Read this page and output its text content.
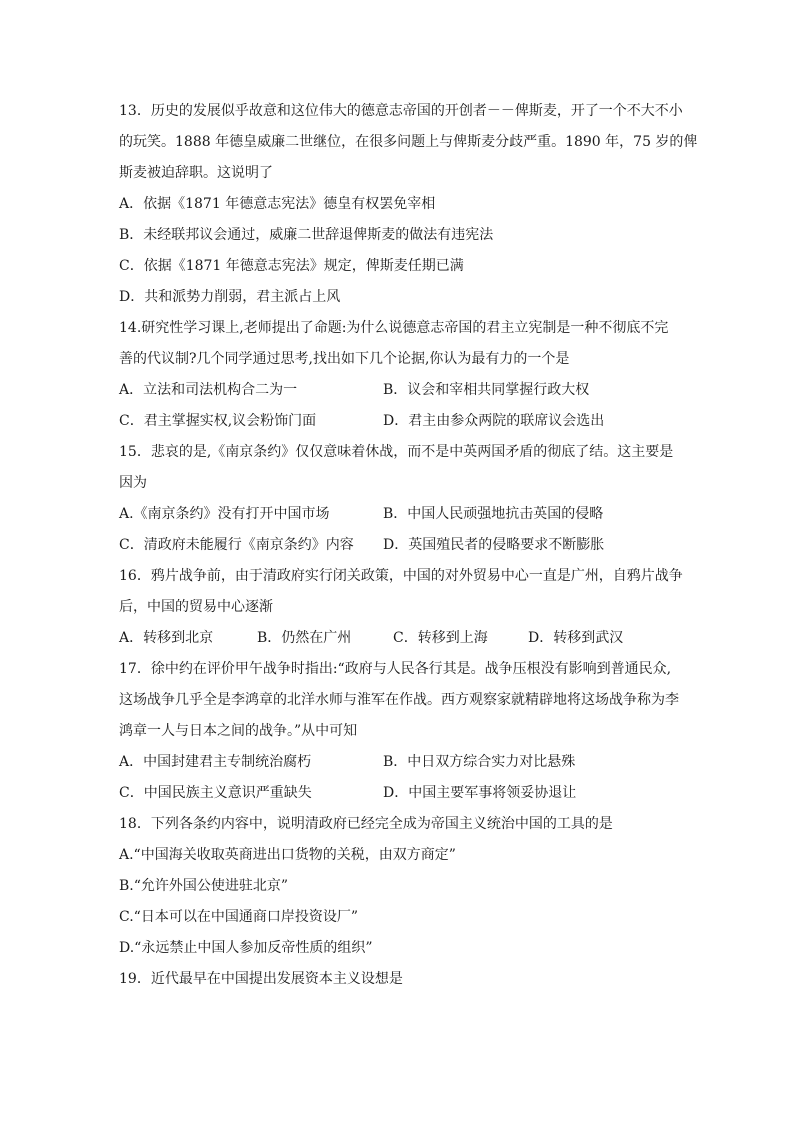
13．历史的发展似乎故意和这位伟大的德意志帝国的开创者－－俾斯麦，开了一个不大不小
的玩笑。1888 年德皇威廉二世继位，在很多问题上与俾斯麦分歧严重。1890 年，75 岁的俾
斯麦被迫辞职。这说明了
A．依据《1871 年德意志宪法》德皇有权罢免宰相
B．未经联邦议会通过，威廉二世辞退俾斯麦的做法有违宪法
C．依据《1871 年德意志宪法》规定，俾斯麦任期已满
D．共和派势力削弱，君主派占上风
14.研究性学习课上,老师提出了命题:为什么说德意志帝国的君主立宪制是一种不彻底不完
善的代议制?几个同学通过思考,找出如下几个论据,你认为最有力的一个是
A．立法和司法机构合二为一	B．议会和宰相共同掌握行政大权
C．君主掌握实权,议会粉饰门面	D．君主由参众两院的联席议会选出
15．悲哀的是,《南京条约》仅仅意味着休战，而不是中英两国矛盾的彻底了结。这主要是
因为
A.《南京条约》没有打开中国市场	B．中国人民顽强地抗击英国的侵略
C．清政府未能履行《南京条约》内容	D．英国殖民者的侵略要求不断膨胀
16．鸦片战争前，由于清政府实行闭关政策，中国的对外贸易中心一直是广州，自鸦片战争
后，中国的贸易中心逐渐
A．转移到北京	B．仍然在广州	C．转移到上海	D．转移到武汉
17．徐中约在评价甲午战争时指出:“政府与人民各行其是。战争压根没有影响到普通民众,
这场战争几乎全是李鸿章的北洋水师与淮军在作战。西方观察家就精辟地将这场战争称为李
鸿章一人与日本之间的战争。”从中可知
A．中国封建君主专制统治腐朽	B．中日双方综合实力对比悬殊
C．中国民族主义意识严重缺失	D．中国主要军事将领妥协退让
18．下列各条约内容中，说明清政府已经完全成为帝国主义统治中国的工具的是
A.“中国海关收取英商进出口货物的关税，由双方商定”
B.“允许外国公使进驻北京”
C.“日本可以在中国通商口岸投资设厂”
D.“永远禁止中国人参加反帝性质的组织”
19．近代最早在中国提出发展资本主义设想是
